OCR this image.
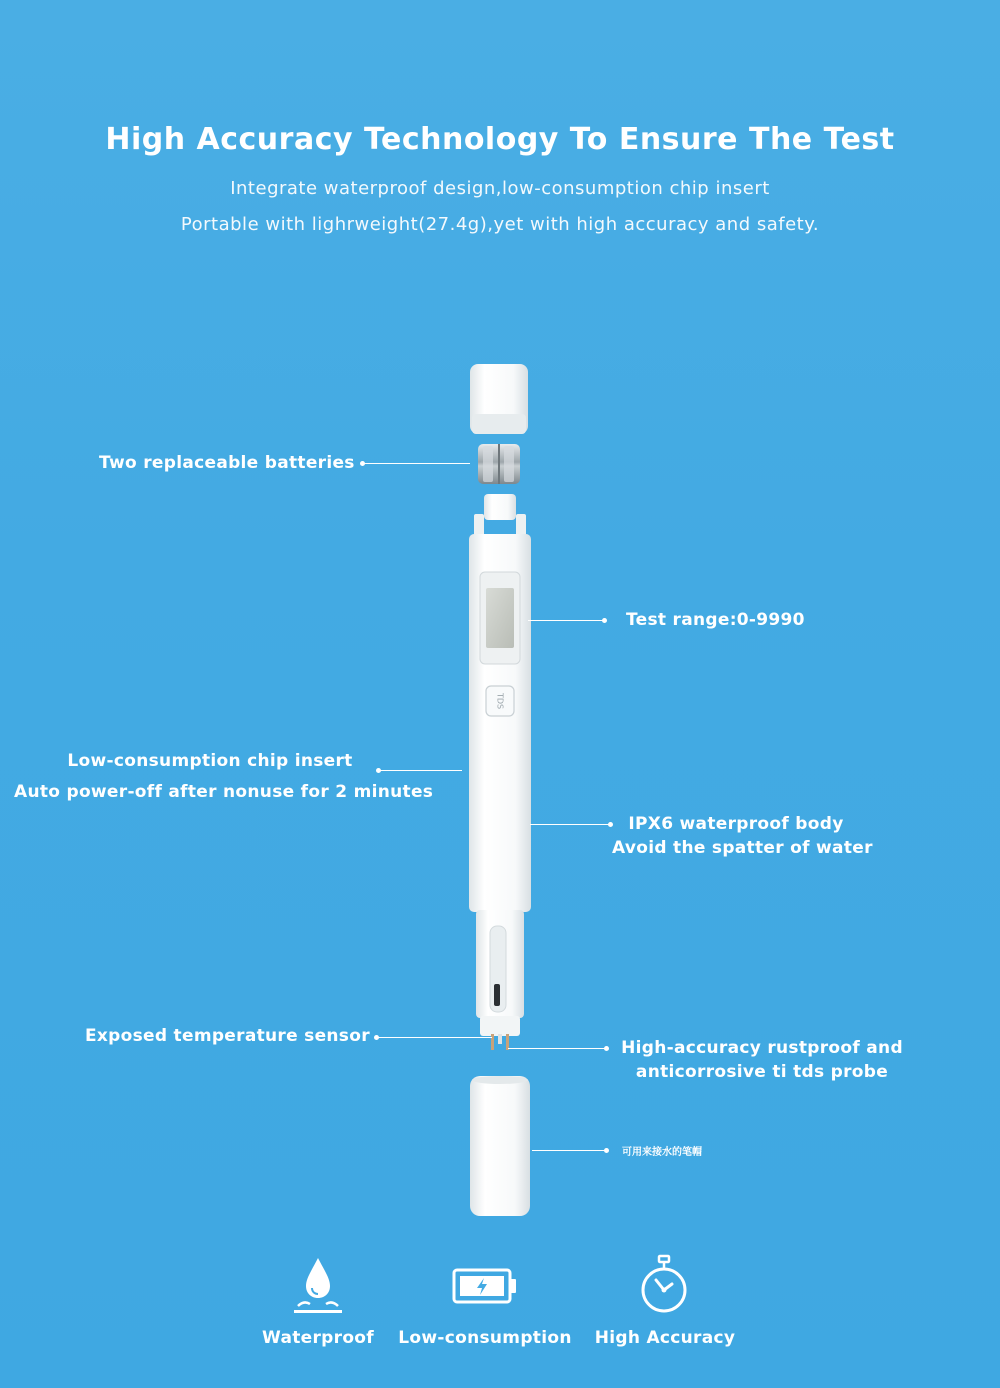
High Accuracy Technology To Ensure The Test
Integrate waterproof design,low-consumption chip insert
Portable with lighrweight(27.4g),yet with high accuracy and safety.
TDS
Two replaceable batteries
Test range:0-9990
Low-consumption chip insert
Auto power-off after nonuse for 2 minutes
IPX6 waterproof body
Avoid the spatter of water
Exposed temperature sensor
High-accuracy rustproof and
anticorrosive ti tds probe
可用来接水的笔帽
Waterproof	Low-consumption High Accuracy
